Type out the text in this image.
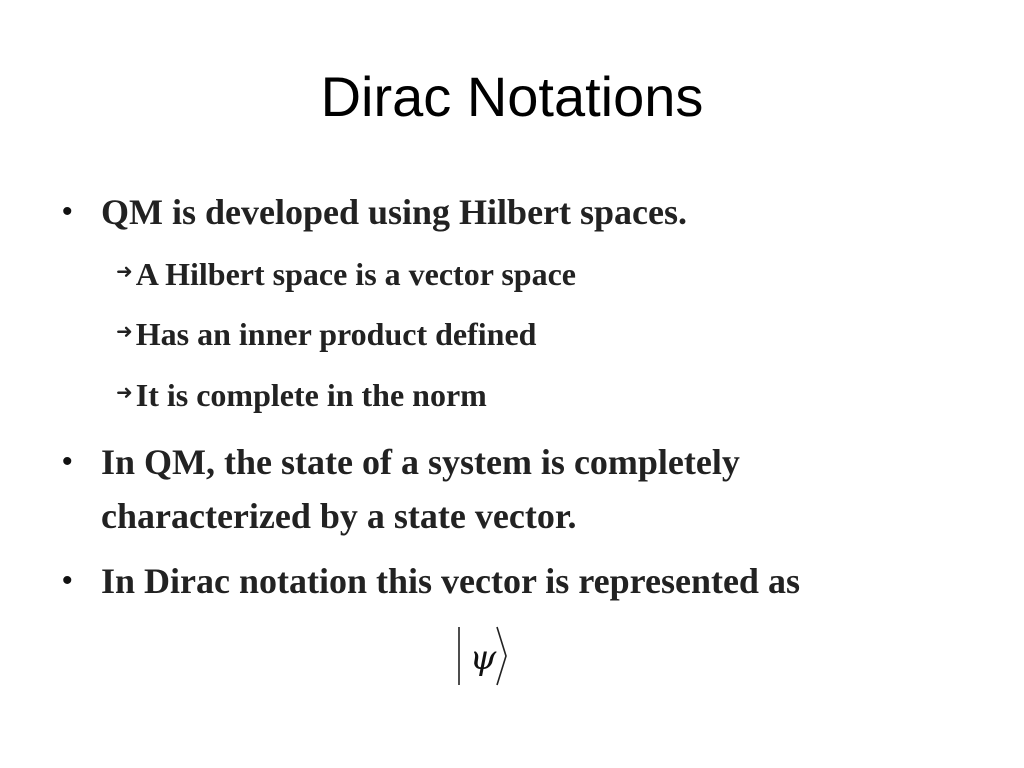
Dirac Notations
• QM is developed using Hilbert spaces.
➜ A Hilbert space is a vector space
➜ Has an inner product defined
➜ It is complete in the norm
• In QM, the state of a system is completely
characterized by a state vector.
• In Dirac notation this vector is represented as
ψ
